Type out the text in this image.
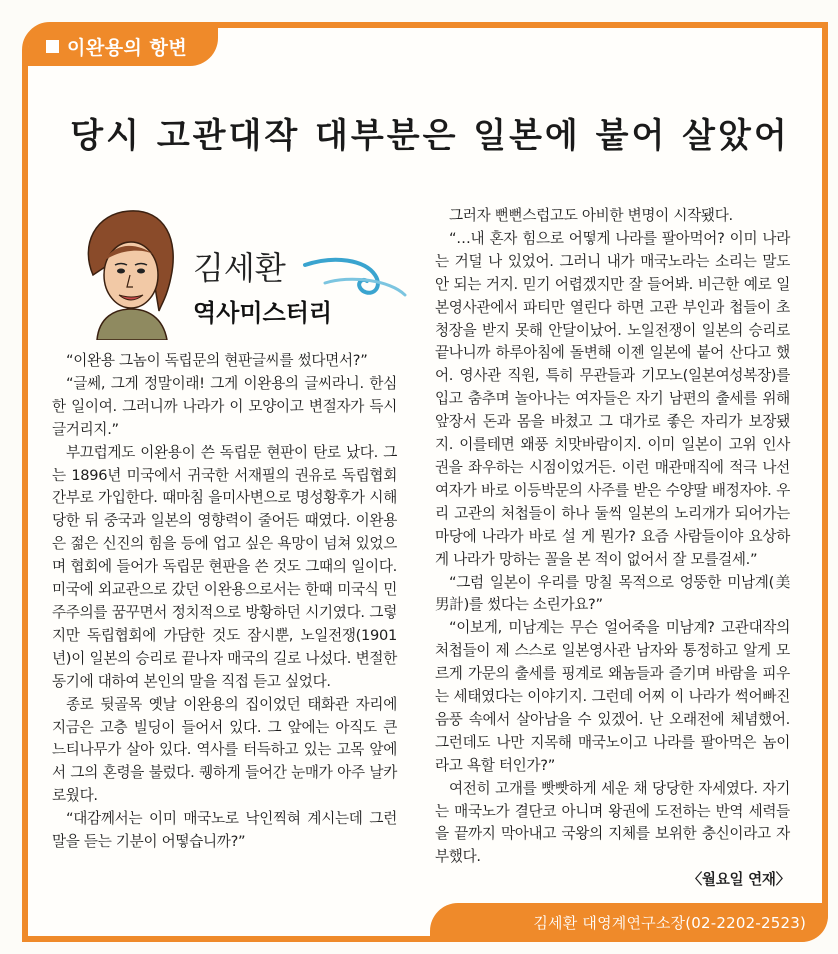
이완용의 항변
당시 고관대작 대부분은 일본에 붙어 살았어
김세환
역사미스터리

“이완용 그놈이 독립문의 현판글씨를 썼다면서?”

“글쎄, 그게 정말이래! 그게 이완용의 글씨라니. 한심한 일이여. 그러니까 나라가 이 모양이고 변절자가 득시글거리지.”

부끄럽게도 이완용이 쓴 독립문 현판이 탄로 났다. 그는 1896년 미국에서 귀국한 서재필의 권유로 독립협회 간부로 가입한다. 때마침 을미사변으로 명성황후가 시해당한 뒤 중국과 일본의 영향력이 줄어든 때였다. 이완용은 젊은 신진의 힘을 등에 업고 싶은 욕망이 넘쳐 있었으며 협회에 들어가 독립문 현판을 쓴 것도 그때의 일이다. 미국에 외교관으로 갔던 이완용으로서는 한때 미국식 민주주의를 꿈꾸면서 정치적으로 방황하던 시기였다. 그렇지만 독립협회에 가담한 것도 잠시뿐, 노일전쟁(1901년)이 일본의 승리로 끝나자 매국의 길로 나섰다. 변절한 동기에 대하여 본인의 말을 직접 듣고 싶었다.

종로 뒷골목 옛날 이완용의 집이었던 태화관 자리에 지금은 고층 빌딩이 들어서 있다. 그 앞에는 아직도 큰 느티나무가 살아 있다. 역사를 터득하고 있는 고목 앞에서 그의 혼령을 불렀다. 퀭하게 들어간 눈매가 아주 날카로웠다.

“대감께서는 이미 매국노로 낙인찍혀 계시는데 그런 말을 듣는 기분이 어떻습니까?”

그러자 뻔뻔스럽고도 아비한 변명이 시작됐다.

“…내 혼자 힘으로 어떻게 나라를 팔아먹어? 이미 나라는 거덜 나 있었어. 그러니 내가 매국노라는 소리는 말도 안 되는 거지. 믿기 어렵겠지만 잘 들어봐. 비근한 예로 일본영사관에서 파티만 열린다 하면 고관 부인과 첩들이 초청장을 받지 못해 안달이났어. 노일전쟁이 일본의 승리로 끝나니까 하루아침에 돌변해 이젠 일본에 붙어 산다고 했어. 영사관 직원, 특히 무관들과 기모노(일본여성복장)를 입고 춤추며 놀아나는 여자들은 자기 남편의 출세를 위해 앞장서 돈과 몸을 바쳤고 그 대가로 좋은 자리가 보장됐지. 이를테면 왜풍 치맛바람이지. 이미 일본이 고위 인사권을 좌우하는 시점이었거든. 이런 매관매직에 적극 나선 여자가 바로 이등박문의 사주를 받은 수양딸 배정자야. 우리 고관의 처첩들이 하나 둘씩 일본의 노리개가 되어가는 마당에 나라가 바로 설 게 뭔가? 요즘 사람들이야 요상하게 나라가 망하는 꼴을 본 적이 없어서 잘 모를걸세.”

“그럼 일본이 우리를 망칠 목적으로 엉뚱한 미남계(美男計)를 썼다는 소린가요?”

“이보게, 미남계는 무슨 얼어죽을 미남계? 고관대작의 처첩들이 제 스스로 일본영사관 남자와 통정하고 알게 모르게 가문의 출세를 핑계로 왜놈들과 즐기며 바람을 피우는 세태였다는 이야기지. 그런데 어찌 이 나라가 썩어빠진 음풍 속에서 살아남을 수 있겠어. 난 오래전에 체념했어. 그런데도 나만 지목해 매국노이고 나라를 팔아먹은 놈이라고 욕할 터인가?”

여전히 고개를 빳빳하게 세운 채 당당한 자세였다. 자기는 매국노가 결단코 아니며 왕권에 도전하는 반역 세력들을 끝까지 막아내고 국왕의 지체를 보위한 충신이라고 자부했다.

〈월요일 연재〉
김세환 대영계연구소장(02-2202-2523)
